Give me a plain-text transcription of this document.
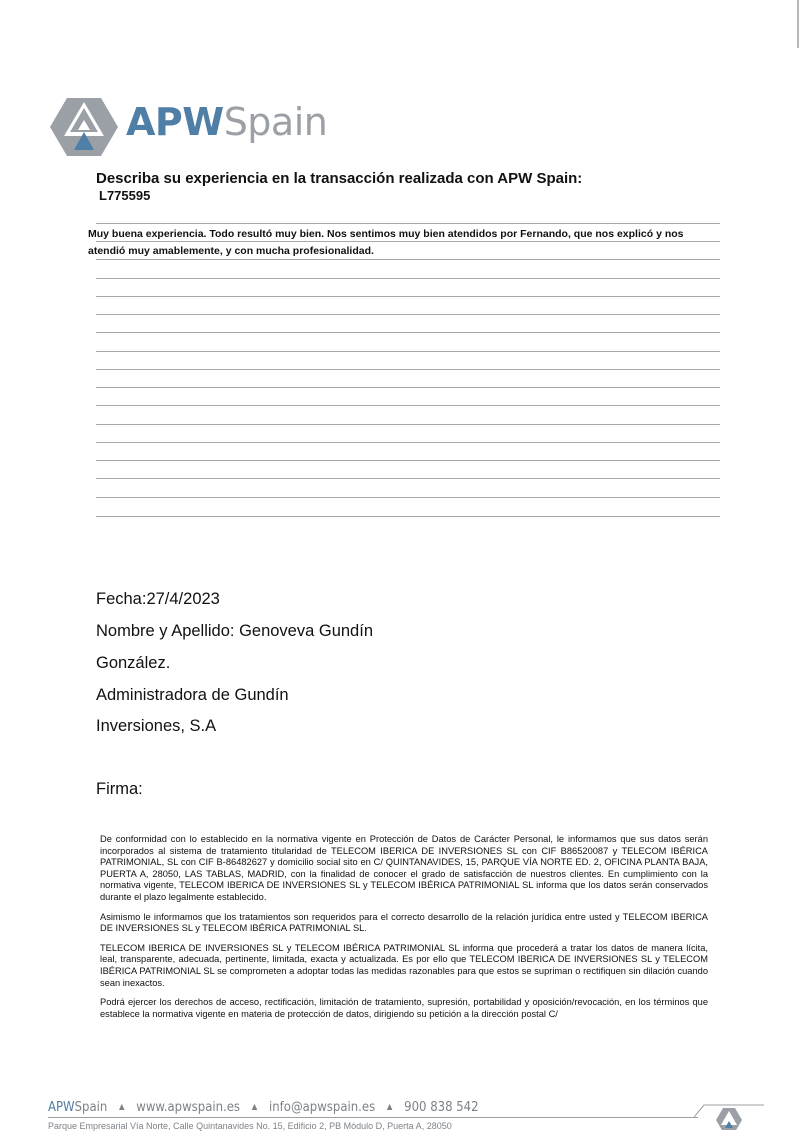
APWSpain
Describa su experiencia en la transacción realizada con APW Spain:
L775595
Muy buena experiencia. Todo resultó muy bien. Nos sentimos muy bien atendidos por Fernando, que nos explicó y nos
atendió muy amablemente, y con mucha profesionalidad.
Fecha:27/4/2023
Nombre y Apellido: Genoveva Gundín
González.
Administradora de Gundín
Inversiones, S.A
Firma:

De conformidad con lo establecido en la normativa vigente en Protección de Datos de Carácter Personal, le informamos que sus datos serán incorporados al sistema de tratamiento titularidad de TELECOM IBERICA DE INVERSIONES SL con CIF B86520087 y TELECOM IBÉRICA PATRIMONIAL, SL con CIF B-86482627 y domicilio social sito en C/ QUINTANAVIDES, 15, PARQUE VÍA NORTE ED. 2, OFICINA PLANTA BAJA, PUERTA A, 28050, LAS TABLAS, MADRID, con la finalidad de conocer el grado de satisfacción de nuestros clientes. En cumplimiento con la normativa vigente, TELECOM IBERICA DE INVERSIONES SL y TELECOM IBÉRICA PATRIMONIAL SL informa que los datos serán conservados durante el plazo legalmente establecido.

Asimismo le informamos que los tratamientos son requeridos para el correcto desarrollo de la relación jurídica entre usted y TELECOM IBERICA DE INVERSIONES SL y TELECOM IBÉRICA PATRIMONIAL SL.

TELECOM IBERICA DE INVERSIONES SL y TELECOM IBÉRICA PATRIMONIAL SL informa que procederá a tratar los datos de manera lícita, leal, transparente, adecuada, pertinente, limitada, exacta y actualizada. Es por ello que TELECOM IBERICA DE INVERSIONES SL y TELECOM IBÉRICA PATRIMONIAL SL se comprometen a adoptar todas las medidas razonables para que estos se supriman o rectifiquen sin dilación cuando sean inexactos.

Podrá ejercer los derechos de acceso, rectificación, limitación de tratamiento, supresión, portabilidad y oposición/revocación, en los términos que establece la normativa vigente en materia de protección de datos, dirigiendo su petición a la dirección postal C/

APWSpain ▲ www.apwspain.es ▲ info@apwspain.es ▲ 900 838 542
Parque Empresarial Vía Norte, Calle Quintanavides No. 15, Edificio 2, PB Módulo D, Puerta A, 28050
